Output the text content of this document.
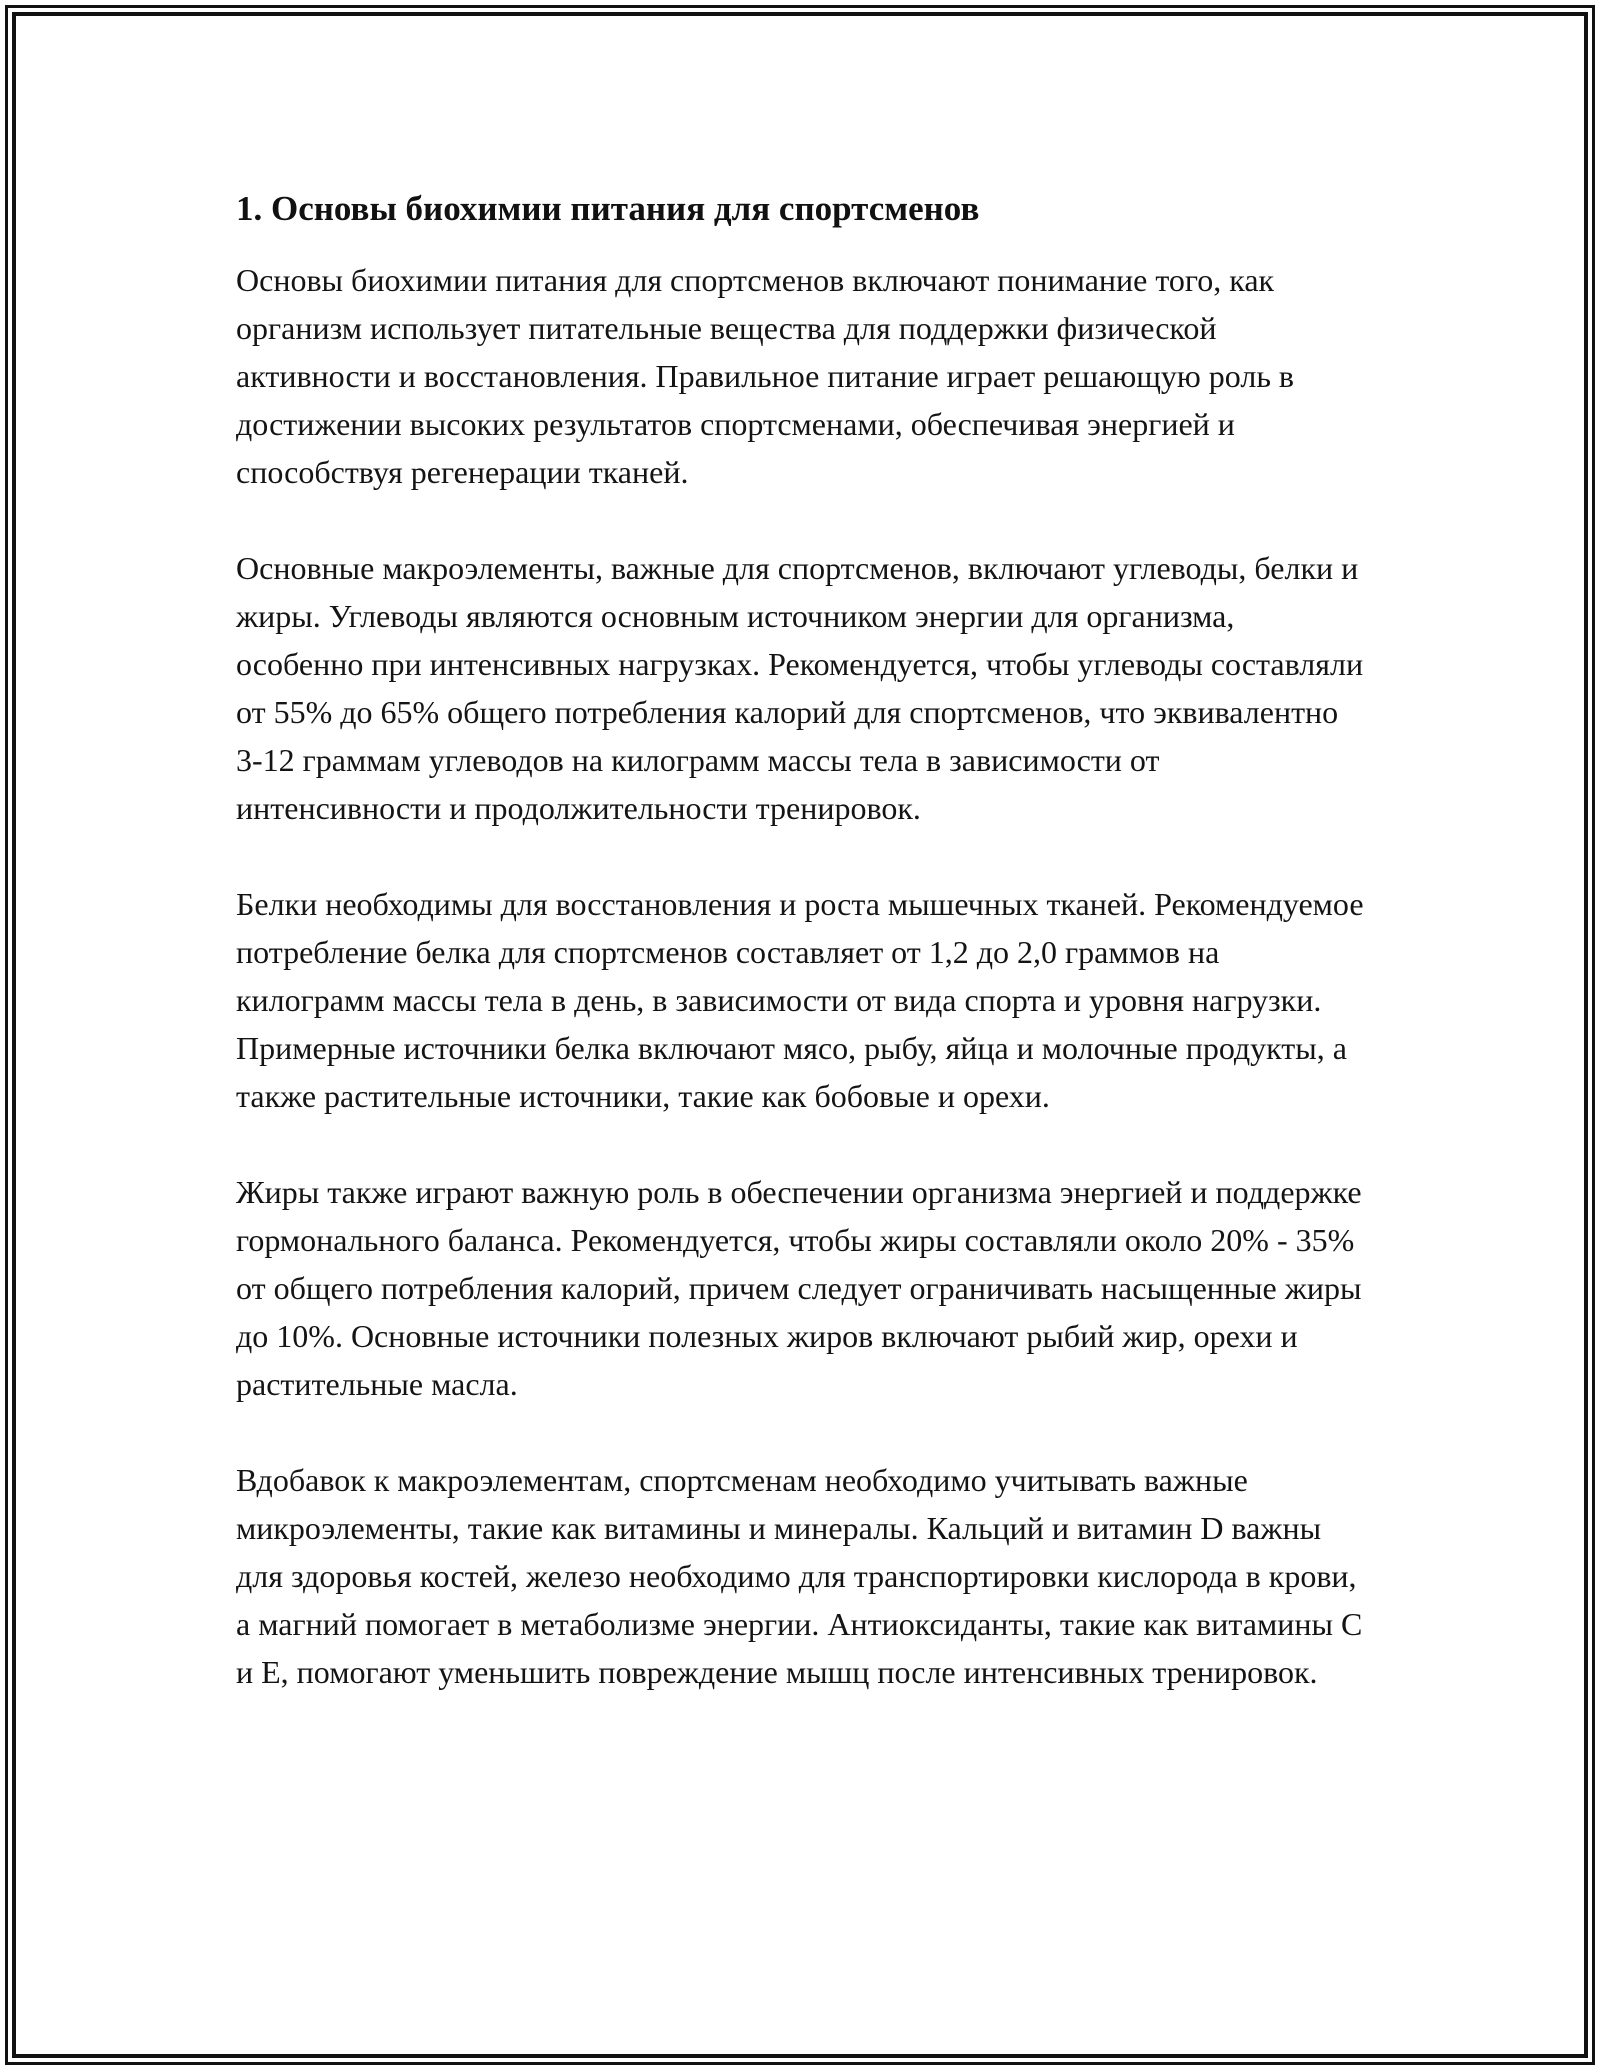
1. Основы биохимии питания для спортсменов

Основы биохимии питания для спортсменов включают понимание того, как организм использует питательные вещества для поддержки физической активности и восстановления. Правильное питание играет решающую роль в достижении высоких результатов спортсменами, обеспечивая энергией и способствуя регенерации тканей.

Основные макроэлементы, важные для спортсменов, включают углеводы, белки и жиры. Углеводы являются основным источником энергии для организма, особенно при интенсивных нагрузках. Рекомендуется, чтобы углеводы составляли от 55% до 65% общего потребления калорий для спортсменов, что эквивалентно 3-12 граммам углеводов на килограмм массы тела в зависимости от интенсивности и продолжительности тренировок.

Белки необходимы для восстановления и роста мышечных тканей. Рекомендуемое потребление белка для спортсменов составляет от 1,2 до 2,0 граммов на килограмм массы тела в день, в зависимости от вида спорта и уровня нагрузки. Примерные источники белка включают мясо, рыбу, яйца и молочные продукты, а также растительные источники, такие как бобовые и орехи.

Жиры также играют важную роль в обеспечении организма энергией и поддержке гормонального баланса. Рекомендуется, чтобы жиры составляли около 20% - 35% от общего потребления калорий, причем следует ограничивать насыщенные жиры до 10%. Основные источники полезных жиров включают рыбий жир, орехи и растительные масла.

Вдобавок к макроэлементам, спортсменам необходимо учитывать важные микроэлементы, такие как витамины и минералы. Кальций и витамин D важны для здоровья костей, железо необходимо для транспортировки кислорода в крови, а магний помогает в метаболизме энергии. Антиоксиданты, такие как витамины C и E, помогают уменьшить повреждение мышц после интенсивных тренировок.
